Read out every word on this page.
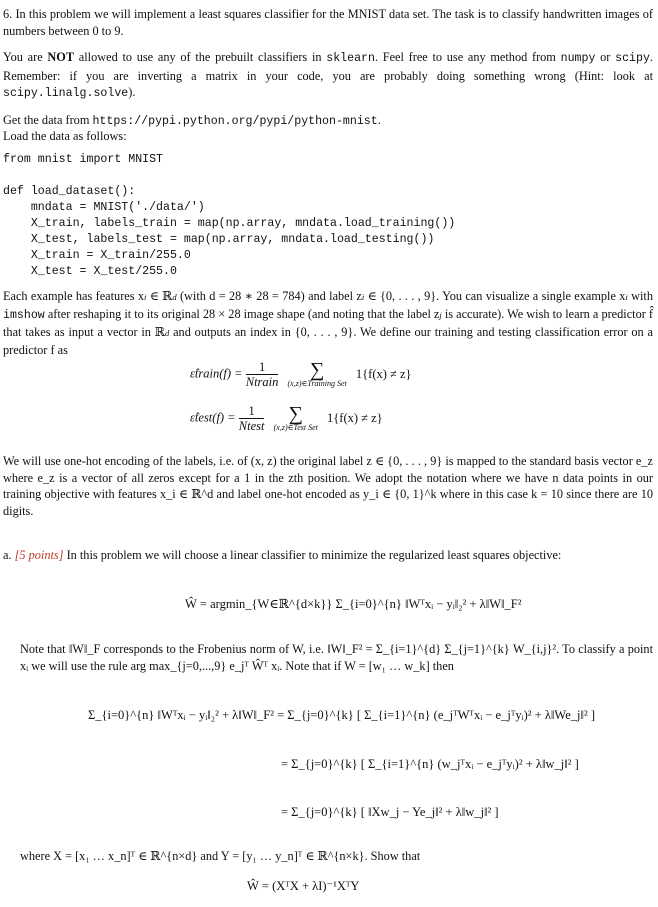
6. In this problem we will implement a least squares classifier for the MNIST data set. The task is to classify handwritten images of numbers between 0 to 9.

You are NOT allowed to use any of the prebuilt classifiers in sklearn. Feel free to use any method from numpy or scipy. Remember: if you are inverting a matrix in your code, you are probably doing something wrong (Hint: look at scipy.linalg.solve).

Get the data from https://pypi.python.org/pypi/python-mnist.

Load the data as follows:

from mnist import MNIST
def load_dataset():
mndata = MNIST('./data/')
X_train, labels_train = map(np.array, mndata.load_training())
X_test, labels_test = map(np.array, mndata.load_testing())
X_train = X_train/255.0
X_test = X_test/255.0

Each example has features xi ∈ ℝd (with d = 28 ∗ 28 = 784) and label zi ∈ {0, . . . , 9}. You can visualize a single example xi with imshow after reshaping it to its original 28 × 28 image shape (and noting that the label zj is accurate). We wish to learn a predictor f̂ that takes as input a vector in ℝd and outputs an index in {0, . . . , 9}. We define our training and testing classification error on a predictor f as

ε̂train(f) = $\frac{1}{\text{Ntrain}}$
	∑
(x,z)∈Training Set
1{f(x) ≠ z}
ε̂test(f) = $\frac{1}{\text{Ntest}}$
	∑
(x,z)∈Test Set
1{f(x) ≠ z}

We will use one-hot encoding of the labels, i.e. of (x, z) the original label z ∈ {0, . . . , 9} is mapped to the standard basis vector e_z where e_z is a vector of all zeros except for a 1 in the zth position. We adopt the notation where we have n data points in our training objective with features x_i ∈ ℝ^d and label one-hot encoded as y_i ∈ {0, 1}^k where in this case k = 10 since there are 10 digits.

a. [5 points] In this problem we will choose a linear classifier to minimize the regularized least squares objective:

Ŵ = argmin_{W∈ℝ^{d×k}} Σ_{i=0}^{n} ‖Wᵀxᵢ − yᵢ‖₂² + λ‖W‖_F²

Note that ‖W‖_F corresponds to the Frobenius norm of W, i.e. ‖W‖_F² = Σ_{i=1}^{d} Σ_{j=1}^{k} W_{i,j}². To classify a point xᵢ we will use the rule arg max_{j=0,...,9} e_jᵀ Ŵᵀ xᵢ. Note that if W = [w₁ … w_k] then

Σ_{i=0}^{n} ‖Wᵀxᵢ − yᵢ‖₂² + λ‖W‖_F² = Σ_{j=0}^{k} [ Σ_{i=1}^{n} (e_jᵀWᵀxᵢ − e_jᵀyᵢ)² + λ‖We_j‖² ]
= Σ_{j=0}^{k} [ Σ_{i=1}^{n} (w_jᵀxᵢ − e_jᵀyᵢ)² + λ‖w_j‖² ]
= Σ_{j=0}^{k} [ ‖Xw_j − Ye_j‖² + λ‖w_j‖² ]

where X = [x₁ … x_n]ᵀ ∈ ℝ^{n×d} and Y = [y₁ … y_n]ᵀ ∈ ℝ^{n×k}. Show that

Ŵ = (XᵀX + λI)⁻¹XᵀY
